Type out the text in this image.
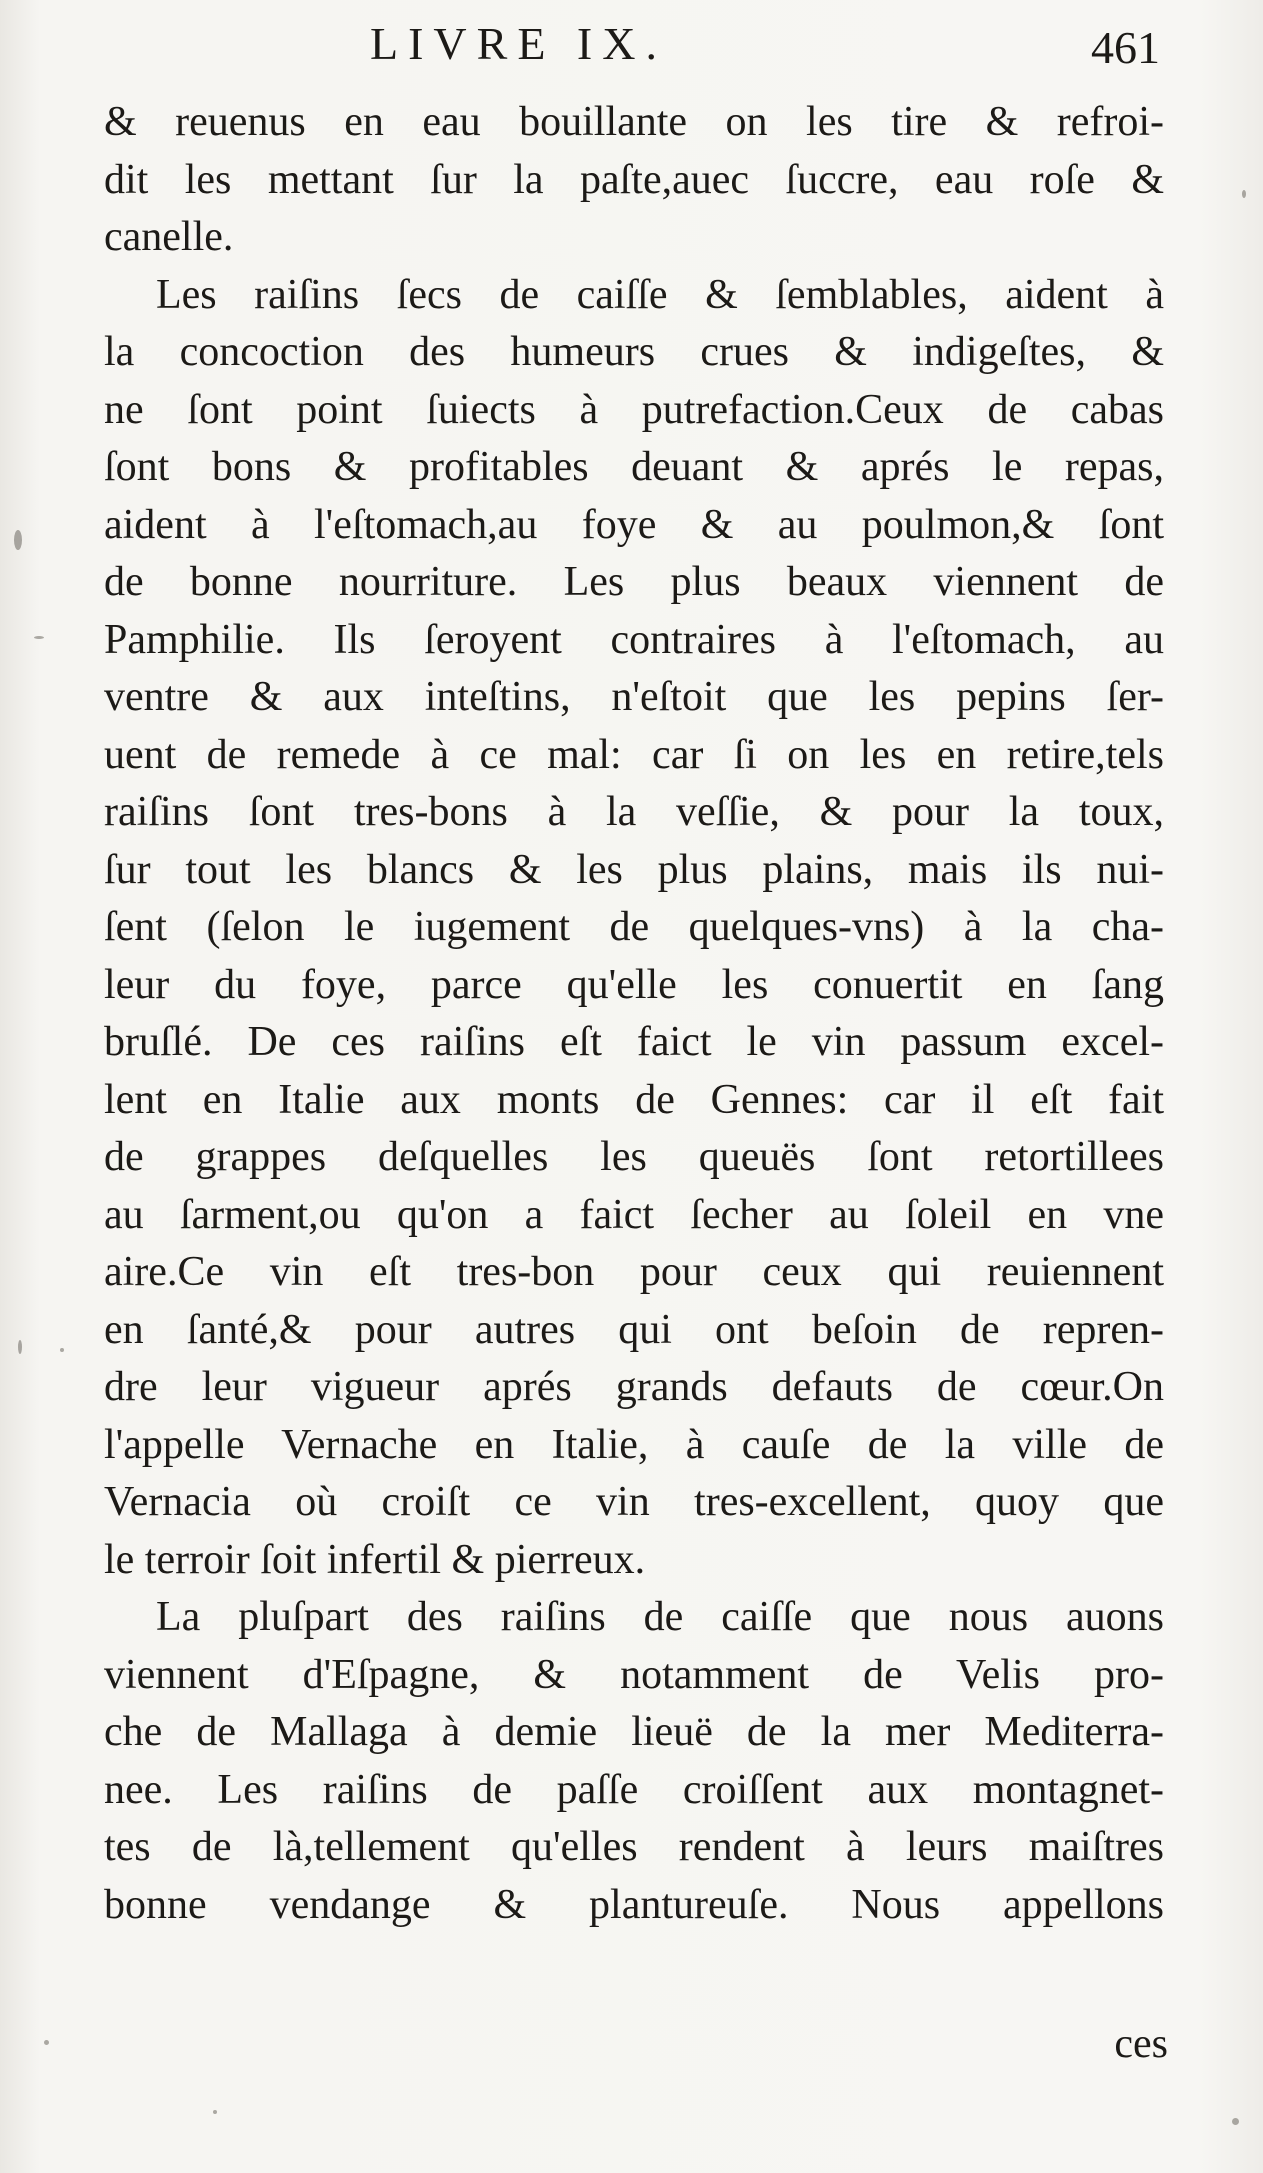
LIVRE IX.	461
& reuenus en eau bouillante on les tire & refroi-
dit les mettant ſur la paſte,auec ſuccre, eau roſe &
canelle.
Les raiſins ſecs de caiſſe & ſemblables, aident à
la concoction des humeurs crues & indigeſtes, &
ne ſont point ſuiects à putrefaction.Ceux de cabas
ſont bons & profitables deuant & aprés le repas,
aident à l'eſtomach,au foye & au poulmon,& ſont
de bonne nourriture. Les plus beaux viennent de
Pamphilie. Ils ſeroyent contraires à l'eſtomach, au
ventre & aux inteſtins, n'eſtoit que les pepins ſer-
uent de remede à ce mal: car ſi on les en retire,tels
raiſins ſont tres-bons à la veſſie, & pour la toux,
ſur tout les blancs & les plus plains, mais ils nui-
ſent (ſelon le iugement de quelques-vns) à la cha-
leur du foye, parce qu'elle les conuertit en ſang
bruſlé. De ces raiſins eſt faict le vin passum excel-
lent en Italie aux monts de Gennes: car il eſt fait
de grappes deſquelles les queuës ſont retortillees
au ſarment,ou qu'on a faict ſecher au ſoleil en vne
aire.Ce vin eſt tres-bon pour ceux qui reuiennent
en ſanté,& pour autres qui ont beſoin de repren-
dre leur vigueur aprés grands defauts de cœur.On
l'appelle Vernache en Italie, à cauſe de la ville de
Vernacia où croiſt ce vin tres-excellent, quoy que
le terroir ſoit infertil & pierreux.
La pluſpart des raiſins de caiſſe que nous auons
viennent d'Eſpagne, & notamment de Velis pro-
che de Mallaga à demie lieuë de la mer Mediterra-
nee. Les raiſins de paſſe croiſſent aux montagnet-
tes de là,tellement qu'elles rendent à leurs maiſtres
bonne vendange & plantureuſe. Nous appellons
ces
